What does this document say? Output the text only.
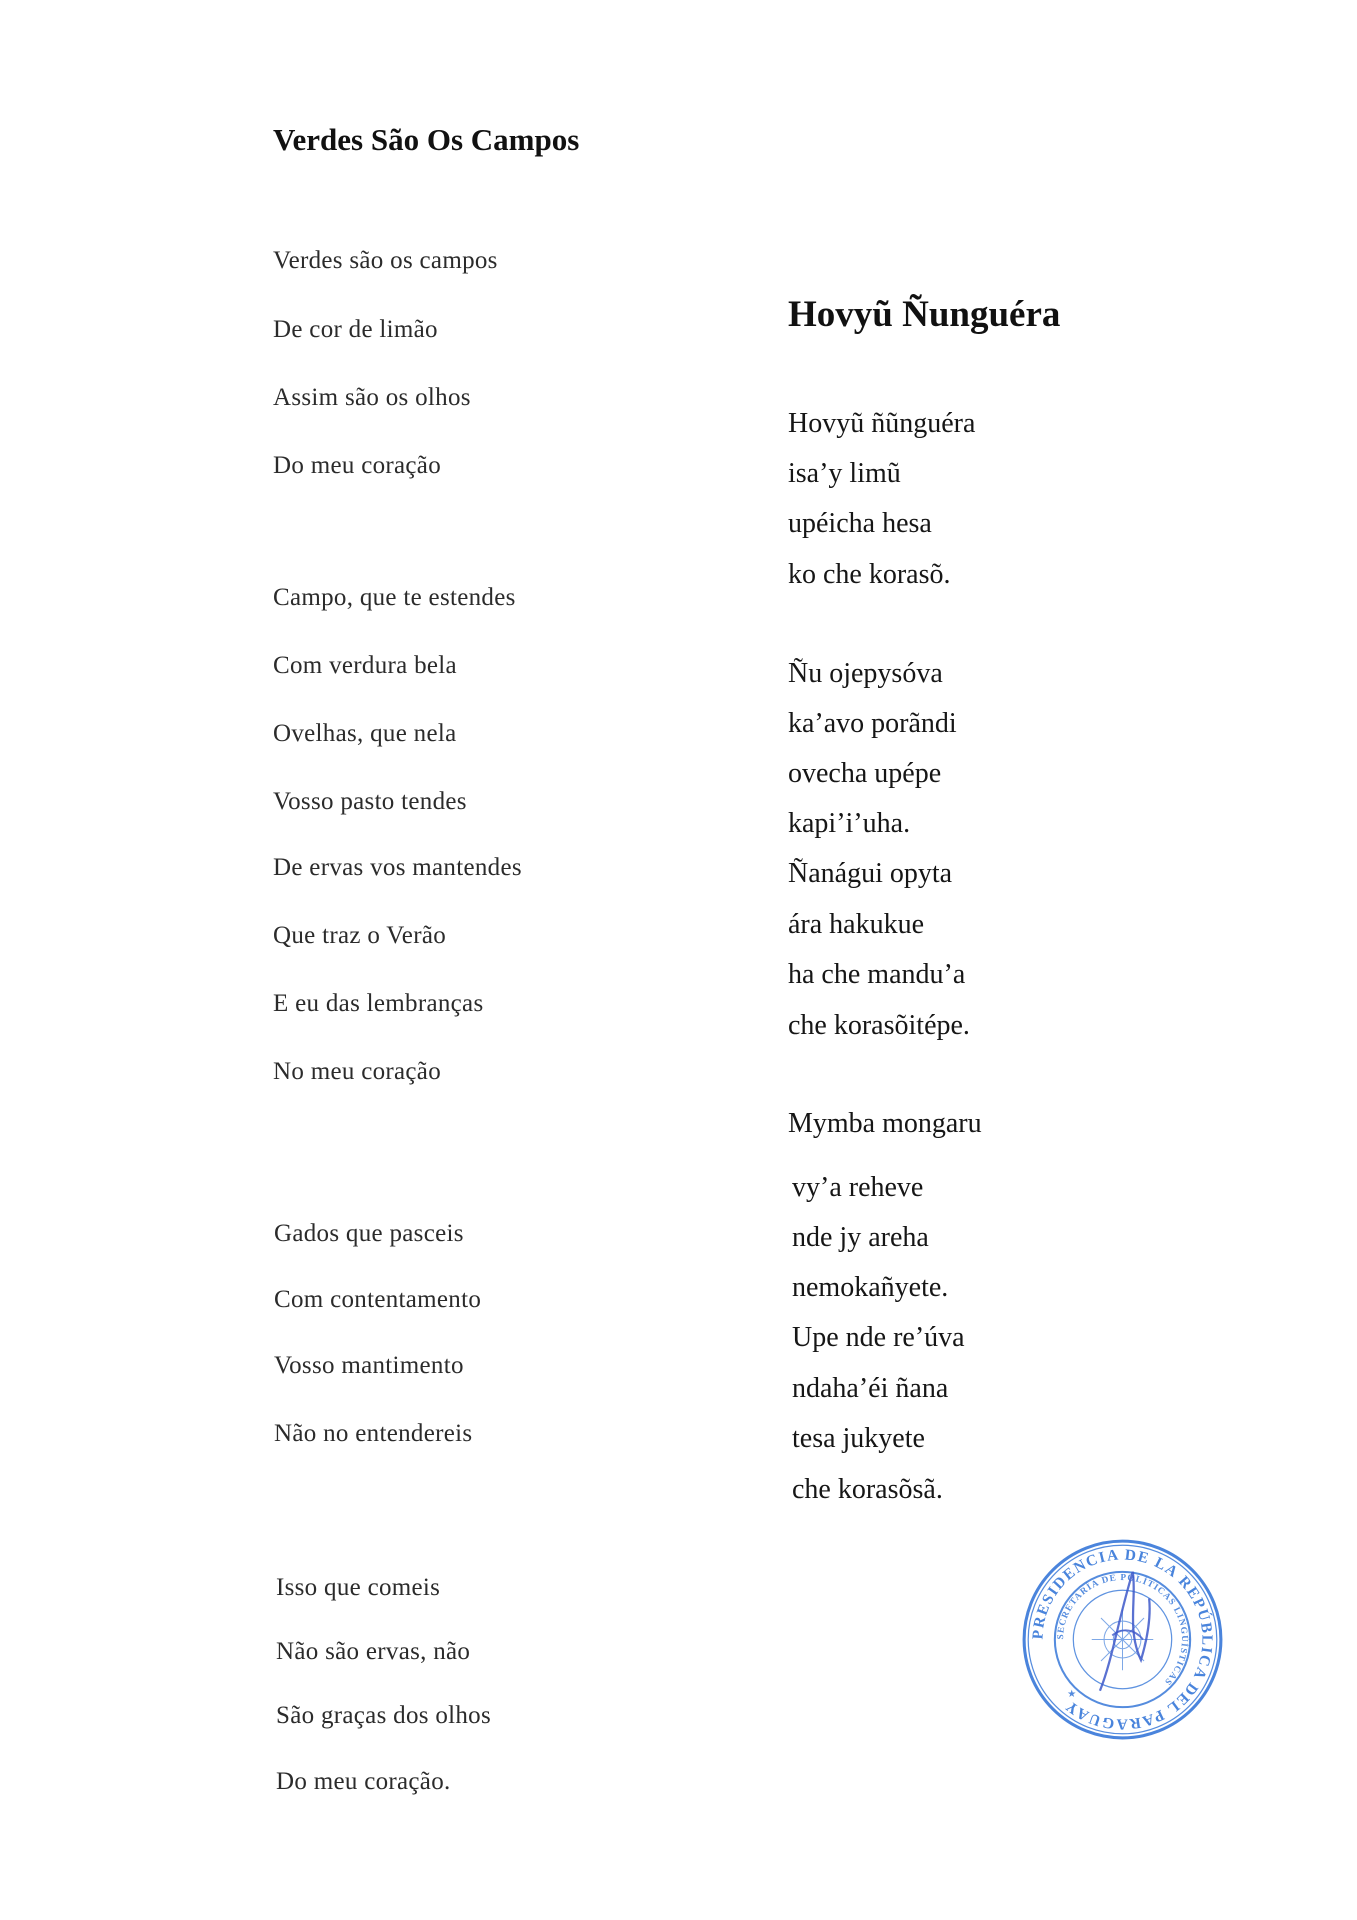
Verdes São Os Campos
Verdes são os campos
De cor de limão
Assim são os olhos
Do meu coração
Campo, que te estendes
Com verdura bela
Ovelhas, que nela
Vosso pasto tendes
De ervas vos mantendes
Que traz o Verão
E eu das lembranças
No meu coração
Gados que pasceis
Com contentamento
Vosso mantimento
Não no entendereis
Isso que comeis
Não são ervas, não
São graças dos olhos
Do meu coração.
Hovyũ Ñunguéra
Hovyũ ñũnguéra
isa’y limũ
upéicha hesa
ko che korasõ.
Ñu ojepysóva
ka’avo porãndi
ovecha upépe
kapi’i’uha.
Ñanágui opyta
ára hakukue
ha che mandu’a
che korasõitépe.
Mymba mongaru
vy’a reheve
nde jy areha
nemokañyete.
Upe nde re’úva
ndaha’éi ñana
tesa jukyete
che korasõsã.
PRESIDENCIA DE LA REPÚBLICA DEL PARAGUAY
SECRETARÍA DE POLÍTICAS LINGÜÍSTICAS
★
